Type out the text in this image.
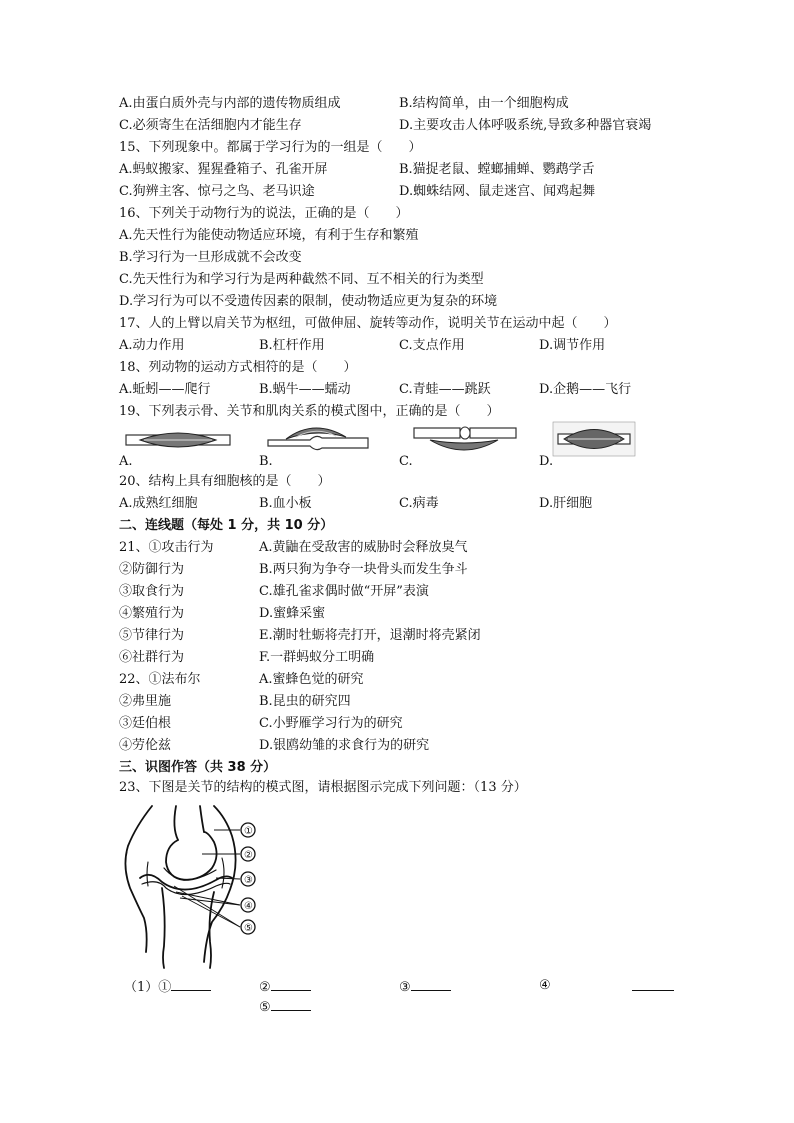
A.由蛋白质外壳与内部的遗传物质组成	B.结构简单，由一个细胞构成
C.必须寄生在活细胞内才能生存	D.主要攻击人体呼吸系统,导致多种器官衰竭
15、下列现象中。都属于学习行为的一组是（　　）
A.蚂蚁搬家、猩猩叠箱子、孔雀开屏	B.猫捉老鼠、螳螂捕蝉、鹦鹉学舌
C.狗辨主客、惊弓之鸟、老马识途	D.蜘蛛结网、鼠走迷宫、闻鸡起舞
16、下列关于动物行为的说法，正确的是（　　）
A.先天性行为能使动物适应环境，有利于生存和繁殖
B.学习行为一旦形成就不会改变
C.先天性行为和学习行为是两种截然不同、互不相关的行为类型
D.学习行为可以不受遗传因素的限制，使动物适应更为复杂的环境
17、人的上臂以肩关节为枢纽，可做伸屈、旋转等动作，说明关节在运动中起（　　）
A.动力作用	B.杠杆作用	C.支点作用	D.调节作用
18、列动物的运动方式相符的是（　　）
A.蚯蚓——爬行	B.蜗牛——蠕动	C.青蛙——跳跃	D.企鹅——飞行
19、下列表示骨、关节和肌肉关系的模式图中，正确的是（　　）
A.	B.	C.	D.
20、结构上具有细胞核的是（　　）
A.成熟红细胞	B.血小板	C.病毒	D.肝细胞
二、连线题（每处 1 分，共 10 分）
21、①攻击行为	A.黄鼬在受敌害的威胁时会释放臭气
②防御行为	B.两只狗为争夺一块骨头而发生争斗
③取食行为	C.雄孔雀求偶时做“开屏”表演
④繁殖行为	D.蜜蜂采蜜
⑤节律行为	E.潮时牡蛎将壳打开，退潮时将壳紧闭
⑥社群行为	F.一群蚂蚁分工明确
22、①法布尔	A.蜜蜂色觉的研究
②弗里施	B.昆虫的研究四
③廷伯根	C.小野雁学习行为的研究
④劳伦兹	D.银鸥幼雏的求食行为的研究
三、识图作答（共 38 分）
23、下图是关节的结构的模式图，请根据图示完成下列问题：（13 分）
①
②
③
④
⑤
（1）①	②	③	④
⑤
